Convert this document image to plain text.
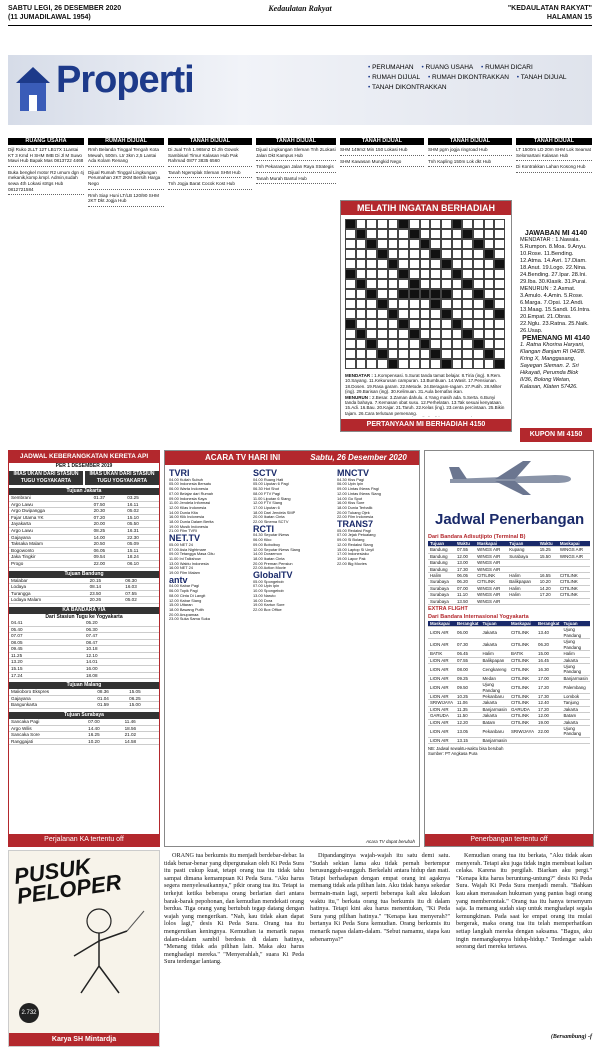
SABTU LEGI, 26 DESEMBER 2020
(11 JUMADILAWAL 1954)
Kedaulatan Rakyat	"KEDAULATAN RAKYAT"
HALAMAN 15
Properti	• PERUMAHAN • RUANG USAHA • RUMAH DICARI • RUMAH DIJUAL • RUMAH DIKONTRAKKAN • TANAH DIJUAL • TANAH DIKONTRAKKAN
RUANG USAHA
Dijl Ruko 2LLT 12T LB17X 1Lantai KT 3 Kmd H SHM IMB Di Jl M Suwo Mawi Hub Bapak Mas 0813722 4468
Buka bengkel motor R2 umum dgn 4j mekanik,komp.kmpl. Admin,sudah sewa 4th Lokasi strtgs Hub 0812721584
RUMAH DIJUAL
Rmh Belanda Tinggal Tengah Kota Mewah, 500m. Ltr 3km 2,5 Lantai Ada Kolam Renang
Dijual Rumah Tinggal Lingkungan Perumahan 2KT 2KM Bersih Harga Nego
Rmh Siap Huni LT/LB 120/90 SHM 2KT Dkt Jogja Hub
TANAH DIJUAL
Di Jual Tnh 1.965m2 Di Jln Gowok Sambisari Timur Kalasan Hub Pak Rahmad 0877 3835 6560
Tanah Ngemplak Sleman SHM Hub
Tnh Jogja Barat Cocok Kost Hub
TANAH DIJUAL
Dijual Lingkungan Sleman Tnh 2Lokasi Jalan Dkt Kampus Hub
Tnh Pekarangan Jalan Raya Strategis
Tanah Murah Bantul Hub
TANAH DIJUAL
SHM 149m2 Min 150 Lokasi Hub
SHM Kawasan Mungkid Nego
TANAH DIJUAL
SHM pgrn jogja ringroad Hub
Tnh Kapling 150m Lok dkt Hub
TANAH DIJUAL
LT 1500m LD 20m SHM Lok Seamat Selomartani Kalasan Hub
Di Kontrakkan Lahan Kosong Hub
MELATIH INGATAN BERHADIAH
MENDATAR : 1.Kompensasi. 5.Surat tanda tamat belajar. 8.Tiria (ing). 9.Rem. 10.Sayang. 11.Kekurusan campuran. 13.Bumbuan. 14.Wasit. 17.Pensiunan. 18.Dosen. 19.Rasa garam. 22.Metode. 24.Beragam-ragam. 27.Putih. 28.Milter (ing). 29.Barisan (ing). 30.Kelimuan. 31.Aula bernafas ikan.
MENURUN : 2.Besar. 3.Zaman dahulu. 4.Yang masih ada. 5.Serta. 6.Bunyi tanda bahaya. 7.Kemasan obat susu. 12.Perhelatan. 13.Tak sesuai kenyataan. 15.Adi. 16.Bau. 20.Kajar. 21.Taruh. 22.Kelas (ing). 23.centa percintaan. 25.Bikin tajam. 26.Cara terlutuan pemenang.

PERTANYAAN MI BERHADIAH 4150
JAWABAN MI 4140
MENDATAR : 1.Nawala. 5.Rumpon. 8.Moa. 9.Anyu. 10.Rose. 11.Bending. 12.Atma. 14.Avri. 17.Diam. 18.Anut. 19.Logo. 22.Nina. 24.Bending. 27.Ipar. 28.Ini. 29.Iba. 30.Klasik. 31.Purai.
MENURUN : 2.Asmat. 3.Amulo. 4.Amin. 5.Rose. 6.Marga. 7.Opsi. 12.Andi. 13.Maag. 15.Sandi. 16.Intra. 20.Empat. 21.Obras. 22.Nglu. 23.Ratna. 25.Naik. 26.Usap.
PEMENANG MI 4140
1. Ratna Khorina Haryani, Klangan Banjam RI 04/28. Kring X, Manggasang, Sayegan Sleman. 2. Sri Hikayati, Perumda Blok II/36, Bolong Wetan, Kalasan, Klaten 57426.
KUPON MI 4150
JADWAL KEBERANGKATAN KERETA API
PER 1 DESEMBER 2019
IMAS UKAN DARI STASIUN TUGU YOGYAKARTA
IMAS UKAN DARI STASIUN TUGU YOGYAKARTA
Tujuan Jakarta
Sembrani	01.37	03.25
Argo Lawu	07.50	16.11
Argo Dwipangga	20.30	05.02
Fajar Utama YK	07.20	15.10
Jayakarta	20.00	05.50
Argo Lawu	08.25	16.31
Gajayana	14.00	22.30
Taksaka Malam	20.50	05.09
Bogowonto	06.05	15.11
Jaka Tingkir	09.54	18.24
Progo	22.00	06.10
Tujuan Bandung
Malabar	20.15	06.30
Lodaya	08.14	16.03
Turangga	23.50	07.55
Lodaya Malam	20.26	05.02
KA BANDARA YIA
Dari Stasiun Tugu ke Yogyakarta
04.41	05.20
05.40	06.30
07.07	07.47
08.05	08.47
09.45	10.18
11.25	12.10
13.20	14.01
15.15	16.00
17.24	18.08
Tujuan Malang
Malioboro Ekspres	08.36	15.05
Gajayana	01.04	06.25
Bangunkarta	01.59	15.00
Tujuan Surabaya
Sancaka Pagi	07.00	11.46
Argo Wilis	14.40	18.56
Sancaka Sore	16.25	21.02
Ranggajati	10.20	14.58
Perjalanan KA tertentu off
ACARA TV HARI INI	Sabtu, 26 Desember 2020
TVRI
04.00 Kuliah Subuh
05.00 Indonesia Bersatu
06.00 Warta Indonesia
07.00 Belajar dari Rumah
09.00 Indonesia Kaya
11.00 Jendela Informasi
12.00 Kilas Indonesia
14.00 Dunia Kita
16.00 Klik Indonesia
18.00 Dunia Dalam Berita
19.00 Musik Indonesia
21.00 Film TVRI
NET.TV
05.00 NET 24
07.00 Asia Nightmare
09.00 Tetangga Masa Gitu
11.00 Ini Talkshow
13.00 Waktu Indonesia
16.00 NET 24
19.00 Film Malam
antv
04.00 Kabar Pagi
06.00 Topik Pagi
08.00 Cinta Di Langit
12.00 Kabar Siang
15.00 Uttaran
18.00 Bawang Putih
20.00 Anupamaa
23.00 Suka Sama Suka
SCTV
04.00 Ruang Hati
05.00 Liputan 6 Pagi
06.30 Hot Shot
08.00 FTV Pagi
11.00 Liputan 6 Siang
12.00 FTV Siang
17.00 Liputan 6
18.00 Dari Jendela SMP
20.00 Ikatan Cinta
22.00 Sinema SCTV
RCTI
04.30 Seputar iNews
06.00 Kiko
09.00 Boboiboy
12.00 Seputar iNews Siang
14.00 Doraemon
18.00 Ikatan Cinta
20.00 Preman Pensiun
22.00 Action Movie
GlobalTV
05.00 Spongebob
07.00 Upin Ipin
10.00 Spongebob
13.00 Naruto
16.00 Dora
19.00 Kartun Sore
22.00 Box Office
MNCTV
04.30 Kiss Pagi
06.00 Upin Ipin
09.00 Lintas iNews Pagi
12.00 Lintas iNews Siang
14.00 Go Spot
16.00 Kiss Sore
18.00 Dunia Terbalik
20.00 Tukang Ojek
22.00 Film Indonesia
TRANS7
05.00 Redaksi Pagi
07.00 Jejak Petualang
09.00 Si Bolang
12.00 Redaksi Siang
15.00 Laptop Si Unyil
17.00 Indonesiaku
19.00 Lapor Pak
22.00 Big Movies
Acara TV dapat berubah
Jadwal Penerbangan
Dari Bandara Adisutjipto (Terminal B)
Tujuan	Waktu	Maskapai	Tujuan	Waktu	Maskapai
Bandung	07.55	WINGS AIR	Kupang	15.25	WINGS AIR
Bandung	12.00	WINGS AIR	Surabaya	15.50	WINGS AIR
Bandung	13.00	WINGS AIR			
Bandung	17.30	WINGS AIR			
Halim	06.05	CITILINK	Halim	16.55	CITILINK
Surabaya	06.20	CITILINK	Balikpapan	10.20	CITILINK
Surabaya	07.00	WINGS AIR	Halim	14.20	CITILINK
Surabaya	11.10	WINGS AIR	Halim	17.20	CITILINK
Surabaya	13.50	WINGS AIR			
EXTRA FLIGHT
Dari Bandara Internasional Yogyakarta
Maskapai	Berangkat	Tujuan	Maskapai	Berangkat	Tujuan
LION AIR	06.00	Jakarta	CITILINK	13.40	Ujung Pandang
LION AIR	07.30	Jakarta	CITILINK	06.20	Ujung Pandang
BATIK	06.45	Halim	BATIK	15.00	Halim
LION AIR	07.55	Balikpapan	CITILINK	16.45	Jakarta
LION AIR	08.00	Cengkareng	CITILINK	16.30	Ujung Pandang
LION AIR	09.25	Medan	CITILINK	17.00	Banjarmasin
LION AIR	09.50	Ujung Pandang	CITILINK	17.20	Palembang
LION AIR	10.25	Pekanbaru	CITILINK	17.30	Lombok
SRIWIJAYA	11.06	Jakarta	CITILINK	12.40	Tanjung
LION AIR	11.35	Banjarmasin	GARUDA	17.20	Jakarta
GARUDA	11.50	Jakarta	CITILINK	12.00	Batam
LION AIR	12.20	Batam	CITILINK	19.00	Jakarta
LION AIR	13.05	Pekanbaru	SRIWIJAYA	22.00	Ujung Pandang
LION AIR	13.15	Banjarmasin			
NB: Jadwal sewaktu-waktu bisa berubah
Sumber: PT Angkasa Pura
Penerbangan tertentu off
PUSUK PELOPER
2.732
Karya SH Mintardja

ORANG tua berkumis itu menjadi berdebar-debar. Ia tidak benar-benar yang dipergunakan oleh Ki Peda Sura itu pasti cukup kuat, tetapi orang tua itu tidak tahu sampai dimana kemampuan Ki Peda Sura. "Aku harus segera menyelesaikannya," pikir orang tua itu. Tetapi ia terkejut ketika beberapa orang berlarian dari antara barak-barak pepohonan, dan kemudian mendekati orang berdua. Tiga orang yang bertubuh tegap datang dengan wajah yang mengerikan. "Nah, kau tidak akan dapat lolos lagi," desis Ki Peda Sura. Orang tua itu mengerutkan keningnya. Kemudian ia menarik napas dalam-dalam sambil berdesis di dalam hatinya, "Menang tidak ada pilihan lain. Maka aku harus menghadapi mereka." "Menyerahlah," suara Ki Peda Sura terdengar lantang.

Dipandanginya wajah-wajah itu satu demi satu. "Sudah sekian lama aku tidak pernah bertempur berusungguh-sungguh. Berkelahi antara hidup dan mati. Tetapi berhadapan dengan empat orang ini agaknya memang tidak ada pilihan lain. Aku tidak hanya sekedar bermain-main lagi, seperti beberapa kali aku lakukan waktu itu," berkata orang tua berkumis itu di dalam hatinya. Tetapi kini aku harus menentukan, "Ki Peda Sura yang pilihan hatinya." "Kenapa kau menyerah?" bertanya Ki Peda Sura kemudian. Orang berkumis itu menarik napas dalam-dalam. "Sebut namamu, siapa kau sebenarnya?"

Kemudian orang tua itu berkata, "Aku tidak akan menyerah. Tetapi aku juga tidak ingin membuat kalian celaka. Karena itu pergilah. Biarkan aku pergi." "Kenapa kita harus beruntung-untung?" desis Ki Peda Sura. Wajah Ki Peda Sura menjadi merah. "Bahkan kau akan merasakan hukuman yang pantas bagi orang yang memberontak." Orang tua itu hanya tersenyum saja. Ia memang sudah siap untuk menghadapi segala kemungkinan. Pada saat ke empat orang itu mulai bergerak, maka orang tua itu telah memperhatikan setiap langkah mereka dengan saksama. "Bagus, aku ingin memangkapnya hidup-hidup." Terdengar salah seorang dari mereka tertawa.

(Bersambung) -f
